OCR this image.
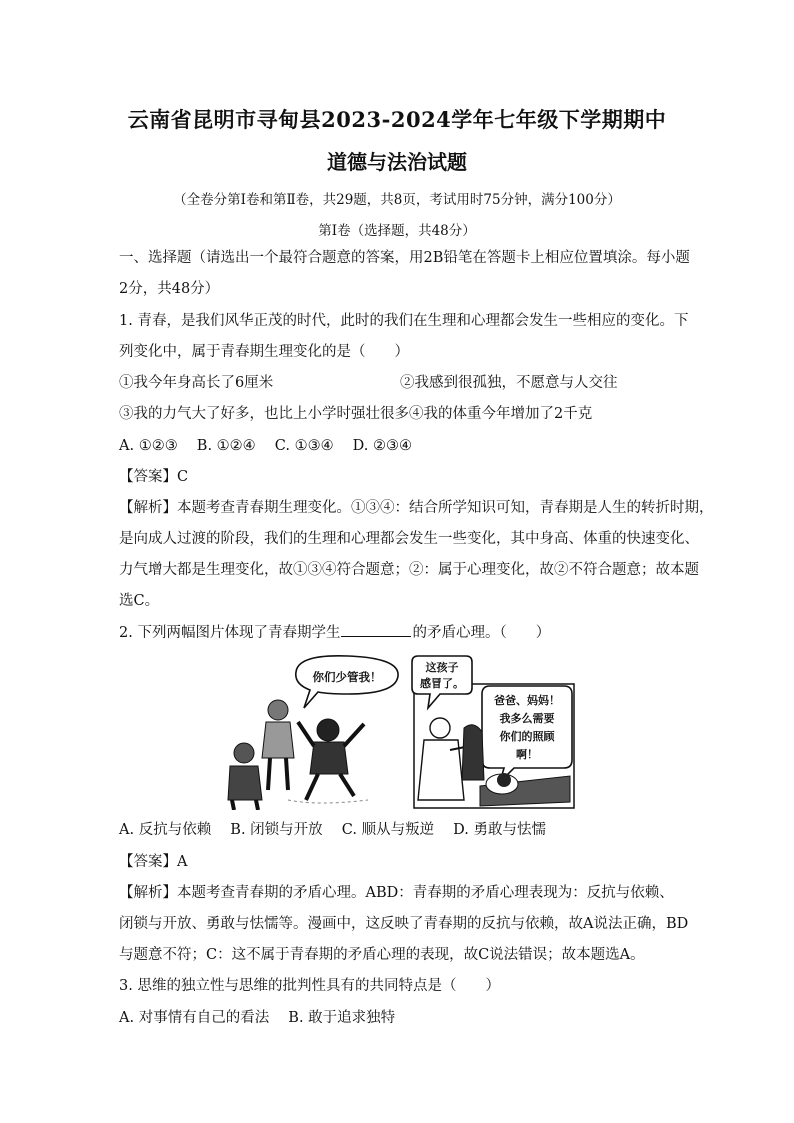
云南省昆明市寻甸县2023-2024学年七年级下学期期中
道德与法治试题
（全卷分第Ⅰ卷和第Ⅱ卷，共29题，共8页，考试用时75分钟，满分100分）
第Ⅰ卷（选择题，共48分）
一、选择题（请选出一个最符合题意的答案，用2B铅笔在答题卡上相应位置填涂。每小题
2分，共48分）
1. 青春，是我们风华正茂的时代，此时的我们在生理和心理都会发生一些相应的变化。下
列变化中，属于青春期生理变化的是（　　）
①我今年身高长了6厘米	②我感到很孤独，不愿意与人交往
③我的力气大了好多，也比上小学时强壮很多④我的体重今年增加了2千克
A. ①②③　 B. ①②④　 C. ①③④　 D. ②③④
【答案】C
【解析】本题考查青春期生理变化。①③④：结合所学知识可知，青春期是人生的转折时期，
是向成人过渡的阶段，我们的生理和心理都会发生一些变化，其中身高、体重的快速变化、
力气增大都是生理变化，故①③④符合题意；②：属于心理变化，故②不符合题意；故本题
选C。
2. 下列两幅图片体现了青春期学生	的矛盾心理。（　　）
你们少管我！
这孩子
感冒了。
爸爸、妈妈！
我多么需要
你们的照顾
啊！
A. 反抗与依赖　 B. 闭锁与开放　 C. 顺从与叛逆　 D. 勇敢与怯懦
【答案】A
【解析】本题考查青春期的矛盾心理。ABD：青春期的矛盾心理表现为：反抗与依赖、
闭锁与开放、勇敢与怯懦等。漫画中，这反映了青春期的反抗与依赖，故A说法正确，BD
与题意不符；C：这不属于青春期的矛盾心理的表现，故C说法错误；故本题选A。
3. 思维的独立性与思维的批判性具有的共同特点是（　　）
A. 对事情有自己的看法　 B. 敢于追求独特
